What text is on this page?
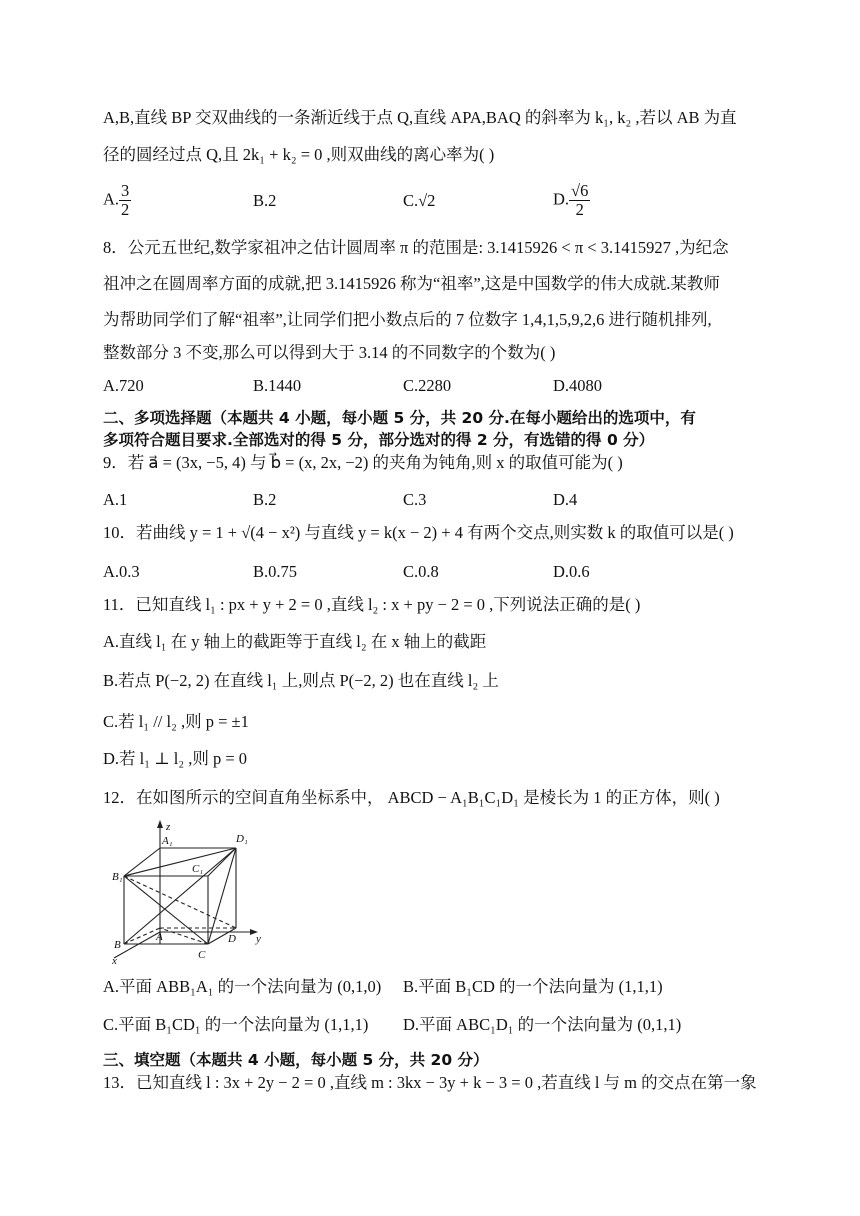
A,B,直线 BP 交双曲线的一条渐近线于点 Q,直线 APA,BAQ 的斜率为 k₁, k₂ ,若以 AB 为直
径的圆经过点 Q,且 2k₁ + k₂ = 0 ,则双曲线的离心率为( )
A. $\frac{3}{2}$	B.2	C.√2	D. $\frac{√6}{2}$
8．公元五世纪,数学家祖冲之估计圆周率 π 的范围是: 3.1415926 < π < 3.1415927 ,为纪念
祖冲之在圆周率方面的成就,把 3.1415926 称为“祖率”,这是中国数学的伟大成就.某教师
为帮助同学们了解“祖率”,让同学们把小数点后的 7 位数字 1,4,1,5,9,2,6 进行随机排列,
整数部分 3 不变,那么可以得到大于 3.14 的不同数字的个数为( )
A.720	B.1440	C.2280	D.4080
二、多项选择题（本题共 4 小题，每小题 5 分，共 20 分.在每小题给出的选项中，有
多项符合题目要求.全部选对的得 5 分，部分选对的得 2 分，有选错的得 0 分）
9．若 a⃗ = (3x, −5, 4) 与 b⃗ = (x, 2x, −2) 的夹角为钝角,则 x 的取值可能为( )
A.1	B.2	C.3	D.4
10．若曲线 y = 1 + √(4 − x²) 与直线 y = k(x − 2) + 4 有两个交点,则实数 k 的取值可以是( )
A.0.3	B.0.75	C.0.8	D.0.6
11．已知直线 l₁ : px + y + 2 = 0 ,直线 l₂ : x + py − 2 = 0 ,下列说法正确的是( )
A.直线 l₁ 在 y 轴上的截距等于直线 l₂ 在 x 轴上的截距
B.若点 P(−2, 2) 在直线 l₁ 上,则点 P(−2, 2) 也在直线 l₂ 上
C.若 l₁ // l₂ ,则 p = ±1
D.若 l₁ ⊥ l₂ ,则 p = 0
12．在如图所示的空间直角坐标系中， ABCD − A₁B₁C₁D₁ 是棱长为 1 的正方体，则( )
z
y
x
A₁	D₁
C₁
B₁
A	D
C
B
A.平面 ABB₁A₁ 的一个法向量为 (0,1,0) B.平面 B₁CD 的一个法向量为 (1,1,1)
C.平面 B₁CD₁ 的一个法向量为 (1,1,1) D.平面 ABC₁D₁ 的一个法向量为 (0,1,1)
三、填空题（本题共 4 小题，每小题 5 分，共 20 分）
13．已知直线 l : 3x + 2y − 2 = 0 ,直线 m : 3kx − 3y + k − 3 = 0 ,若直线 l 与 m 的交点在第一象
